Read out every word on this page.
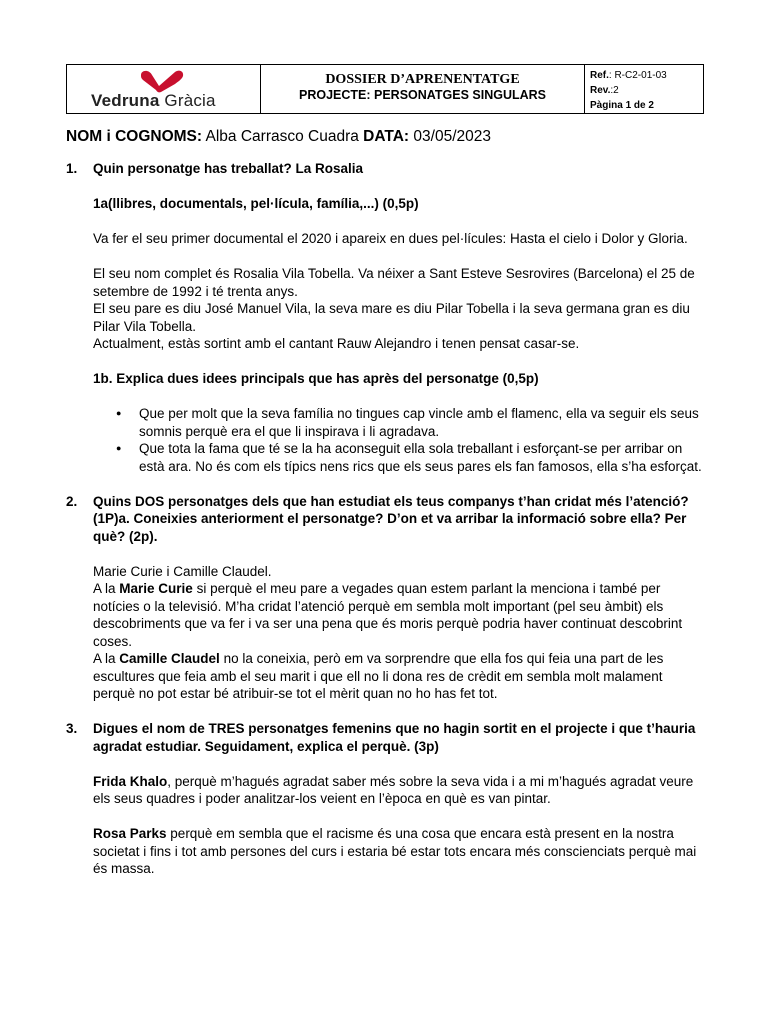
Vedruna Gràcia
DOSSIER D’APRENENTATGE
PROJECTE: PERSONATGES SINGULARS
Ref.: R-C2-01-03
Rev.:2
Pàgina 1 de 2
NOM i COGNOMS: Alba Carrasco Cuadra DATA: 03/05/2023
1.	Quin personatge has treballat? La Rosalia

1a(llibres, documentals, pel·lícula, família,...) (0,5p)

Va fer el seu primer documental el 2020 i apareix en dues pel·lícules: Hasta el cielo i Dolor y Gloria.

El seu nom complet és Rosalia Vila Tobella. Va néixer a Sant Esteve Sesrovires (Barcelona) el 25 de setembre de 1992 i té trenta anys.

El seu pare es diu José Manuel Vila, la seva mare es diu Pilar Tobella i la seva germana gran es diu Pilar Vila Tobella.

Actualment, estàs sortint amb el cantant Rauw Alejandro i tenen pensat casar-se.

1b. Explica dues idees principals que has après del personatge (0,5p)

● Que per molt que la seva família no tingues cap vincle amb el flamenc, ella va seguir els seus somnis perquè era el que li inspirava i li agradava.
● Que tota la fama que té se la ha aconseguit ella sola treballant i esforçant-se per arribar on està ara. No és com els típics nens rics que els seus pares els fan famosos, ella s’ha esforçat.
2.	Quins DOS personatges dels que han estudiat els teus companys t’han cridat més l’atenció? (1P)a. Coneixies anteriorment el personatge? D’on et va arribar la informació sobre ella? Per què? (2p).

Marie Curie i Camille Claudel.

A la Marie Curie si perquè el meu pare a vegades quan estem parlant la menciona i també per notícies o la televisió. M’ha cridat l’atenció perquè em sembla molt important (pel seu àmbit) els descobriments que va fer i va ser una pena que és moris perquè podria haver continuat descobrint coses.

A la Camille Claudel no la coneixia, però em va sorprendre que ella fos qui feia una part de les escultures que feia amb el seu marit i que ell no li dona res de crèdit em sembla molt malament perquè no pot estar bé atribuir-se tot el mèrit quan no ho has fet tot.

3.	Digues el nom de TRES personatges femenins que no hagin sortit en el projecte i que t’hauria agradat estudiar. Seguidament, explica el perquè. (3p)

Frida Khalo, perquè m’hagués agradat saber més sobre la seva vida i a mi m’hagués agradat veure els seus quadres i poder analitzar-los veient en l’època en què es van pintar.

Rosa Parks perquè em sembla que el racisme és una cosa que encara està present en la nostra societat i fins i tot amb persones del curs i estaria bé estar tots encara més conscienciats perquè mai és massa.
